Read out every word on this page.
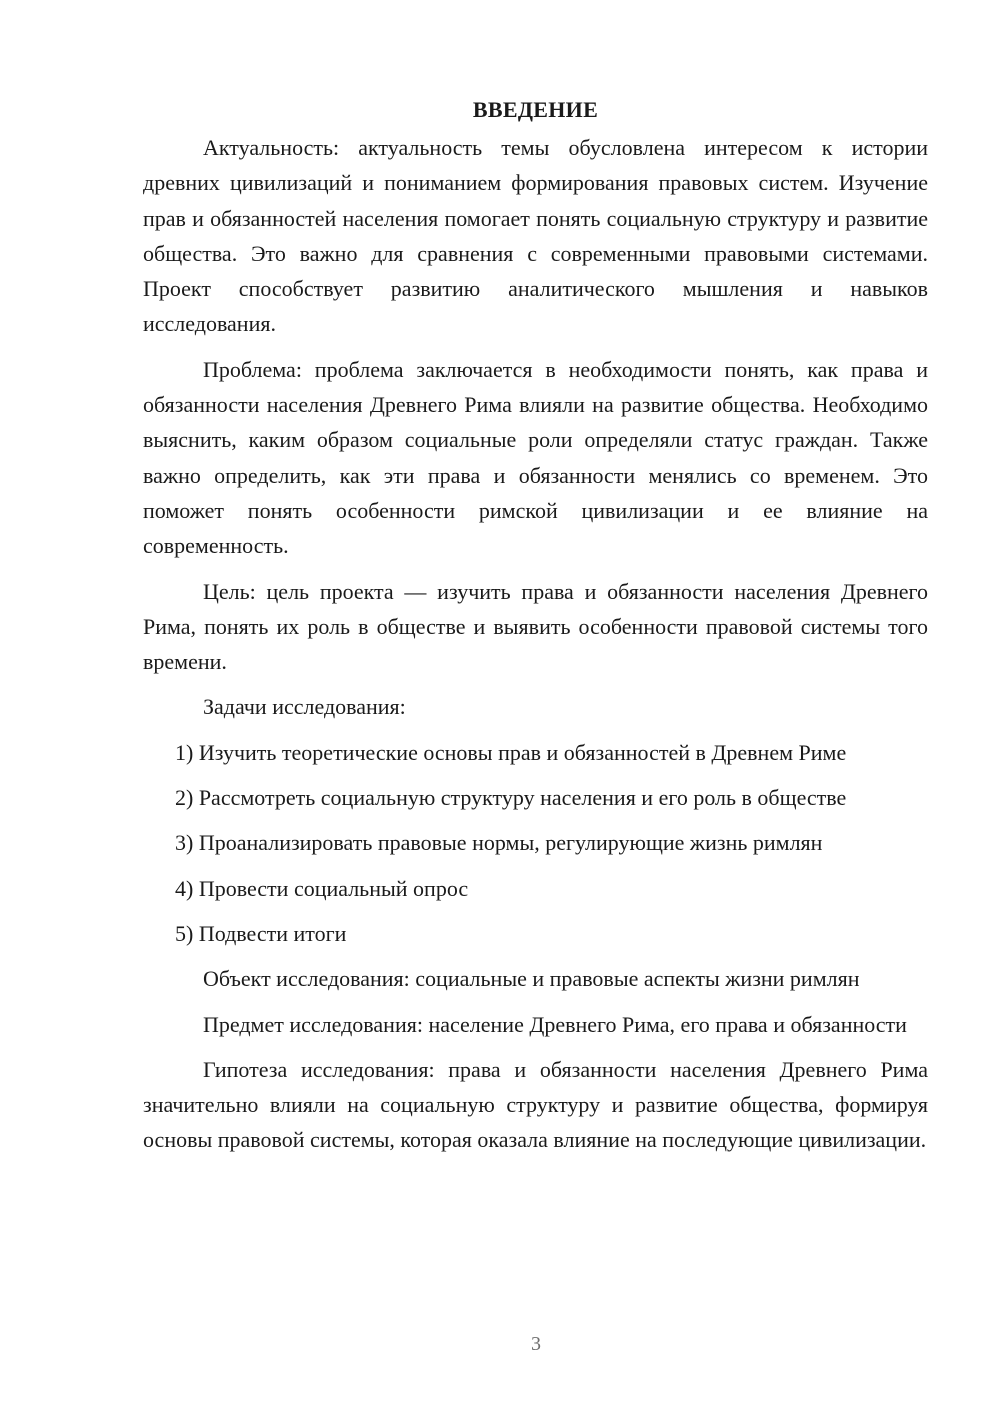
ВВЕДЕНИЕ

Актуальность: актуальность темы обусловлена интересом к истории древних цивилизаций и пониманием формирования правовых систем. Изучение прав и обязанностей населения помогает понять социальную структуру и развитие общества. Это важно для сравнения с современными правовыми системами. Проект способствует развитию аналитического мышления и навыков исследования.

Проблема: проблема заключается в необходимости понять, как права и обязанности населения Древнего Рима влияли на развитие общества. Необходимо выяснить, каким образом социальные роли определяли статус граждан. Также важно определить, как эти права и обязанности менялись со временем. Это поможет понять особенности римской цивилизации и ее влияние на современность.

Цель: цель проекта — изучить права и обязанности населения Древнего Рима, понять их роль в обществе и выявить особенности правовой системы того времени.

Задачи исследования:

1) Изучить теоретические основы прав и обязанностей в Древнем Риме
2) Рассмотреть социальную структуру населения и его роль в обществе
3) Проанализировать правовые нормы, регулирующие жизнь римлян
4) Провести социальный опрос
5) Подвести итоги

Объект исследования: социальные и правовые аспекты жизни римлян

Предмет исследования: население Древнего Рима, его права и обязанности

Гипотеза исследования: права и обязанности населения Древнего Рима значительно влияли на социальную структуру и развитие общества, формируя основы правовой системы, которая оказала влияние на последующие цивилизации.

3
